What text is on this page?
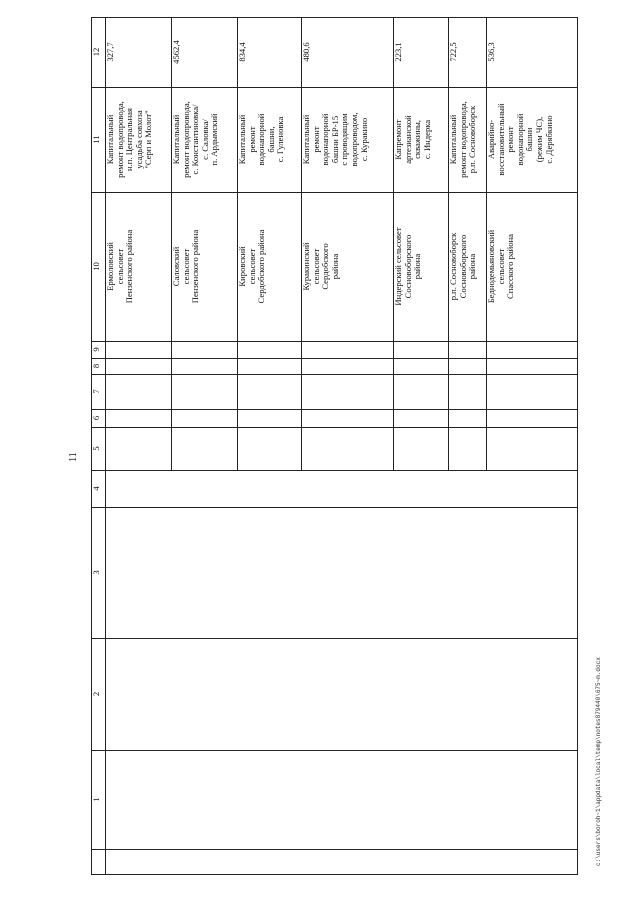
11
12
11
10
9
8
7
6
5
4
3
2
1
327,7
Капитальный
ремонт водопровода,
н.п. Центральная
усадьба совхоза
"Серп и Молот"
Ермоловский
сельсовет
Пензенского района
4562,4
Капитальный
ремонт водопровода,
с. Константиновка/
с. Саловка/
п. Ардымский
Саловский
сельсовет
Пензенского района
834,4
Капитальный
ремонт
водонапорной
башни,
с. Гуленовка
Кировский
сельсовет
Сердобского района
480,6
Капитальный
ремонт
водонапорной
башни БР-15
с проводящим
водопроводом,
с. Куракино
Куракинский
сельсовет
Сердобского
района
223,1
Капремонт
артезианской
скважины,
с. Индерка
Индерский сельсовет
Сосновоборского
района
722,5
Капитальный
ремонт водопровода,
р.п. Сосновоборск
р.п. Сосновоборск
Сосновоборского
района
536,3
Аварийно-
восстановительный
ремонт
водонапорной
башни
(режим ЧС),
с. Дерябкино
Бедноде​мьяновский
сельсовет
Спасского района
c:\users\boroh~1\appdata\local\temp\notes879440\675~m.docx
